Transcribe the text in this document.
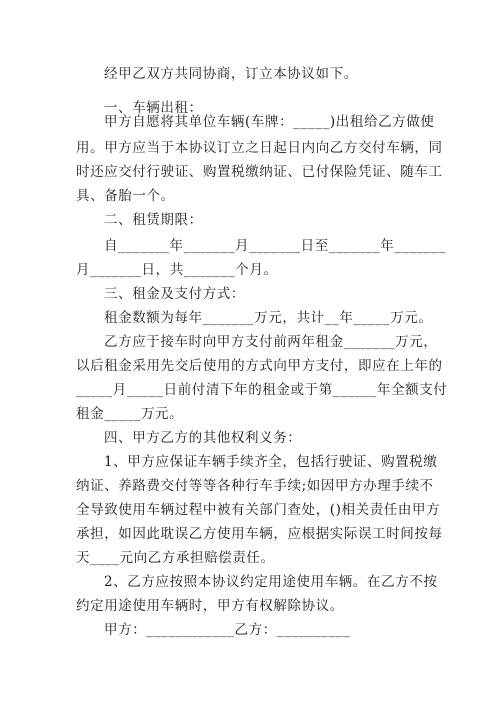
经甲乙双方共同协商，订立本协议如下。
一、车辆出租：
甲方自愿将其单位车辆(车牌：_____)出租给乙方做使
用。甲方应当于本协议订立之日起日内向乙方交付车辆，同
时还应交付行驶证、购置税缴纳证、已付保险凭证、随车工
具、备胎一个。
二、租赁期限：
自_______年_______月_______日至_______年_______
月_______日，共_______个月。
三、租金及支付方式：
租金数额为每年_______万元，共计__年_____万元。
乙方应于接车时向甲方支付前两年租金_______万元，
以后租金采用先交后使用的方式向甲方支付，即应在上年的
_____月_____日前付清下年的租金或于第______年全额支付
租金_____万元。
四、甲方乙方的其他权利义务：
1、甲方应保证车辆手续齐全，包括行驶证、购置税缴
纳证、养路费交付等等各种行车手续;如因甲方办理手续不
全导致使用车辆过程中被有关部门查处，()相关责任由甲方
承担，如因此耽误乙方使用车辆，应根据实际误工时间按每
天____元向乙方承担赔偿责任。
2、乙方应按照本协议约定用途使用车辆。在乙方不按
约定用途使用车辆时，甲方有权解除协议。
甲方：____________乙方：__________
